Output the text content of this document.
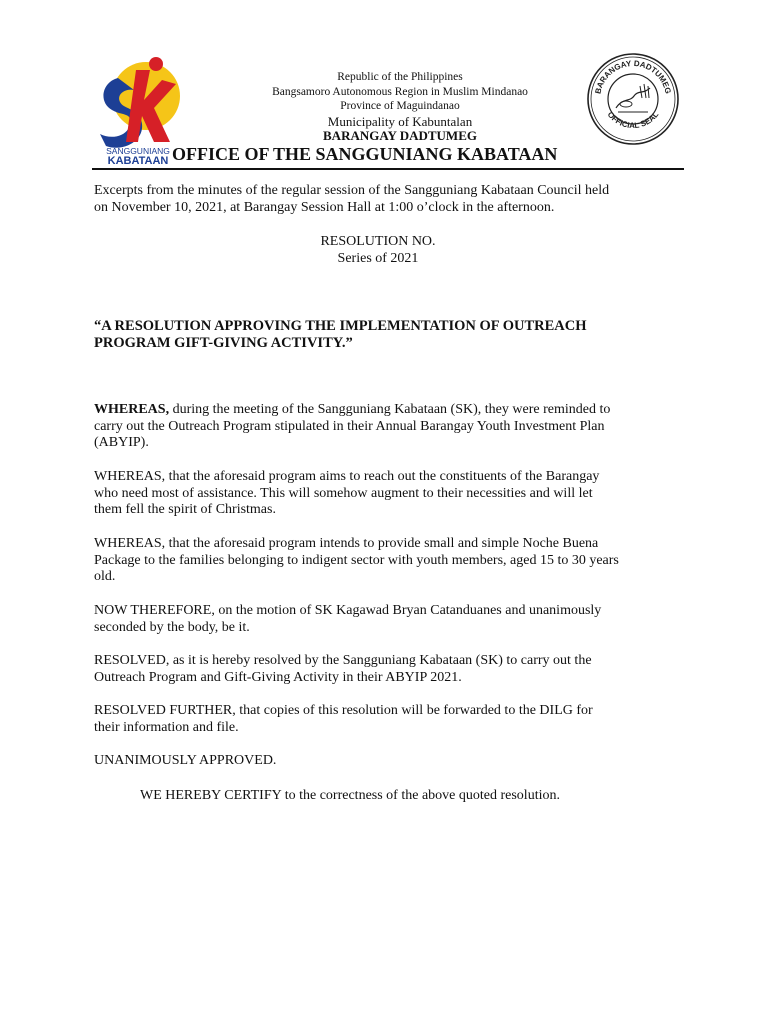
SANGGUNIANG
KABATAAN
BARANGAY DADTUMEG
OFFICIAL SEAL
Republic of the Philippines
Bangsamoro Autonomous Region in Muslim Mindanao
Province of Maguindanao
Municipality of Kabuntalan
BARANGAY DADTUMEG
OFFICE OF THE SANGGUNIANG KABATAAN

Excerpts from the minutes of the regular session of the Sangguniang Kabataan Council held
on November 10, 2021, at Barangay Session Hall at 1:00 o’clock in the afternoon.

RESOLUTION NO.

Series of 2021

“A RESOLUTION APPROVING THE IMPLEMENTATION OF OUTREACH
PROGRAM GIFT-GIVING ACTIVITY.”

WHEREAS, during the meeting of the Sangguniang Kabataan (SK), they were reminded to
carry out the Outreach Program stipulated in their Annual Barangay Youth Investment Plan
(ABYIP).

WHEREAS, that the aforesaid program aims to reach out the constituents of the Barangay
who need most of assistance. This will somehow augment to their necessities and will let
them fell the spirit of Christmas.

WHEREAS, that the aforesaid program intends to provide small and simple Noche Buena
Package to the families belonging to indigent sector with youth members, aged 15 to 30 years
old.

NOW THEREFORE, on the motion of SK Kagawad Bryan Catanduanes and unanimously
seconded by the body, be it.

RESOLVED, as it is hereby resolved by the Sangguniang Kabataan (SK) to carry out the
Outreach Program and Gift-Giving Activity in their ABYIP 2021.

RESOLVED FURTHER, that copies of this resolution will be forwarded to the DILG for
their information and file.

UNANIMOUSLY APPROVED.

WE HEREBY CERTIFY to the correctness of the above quoted resolution.
